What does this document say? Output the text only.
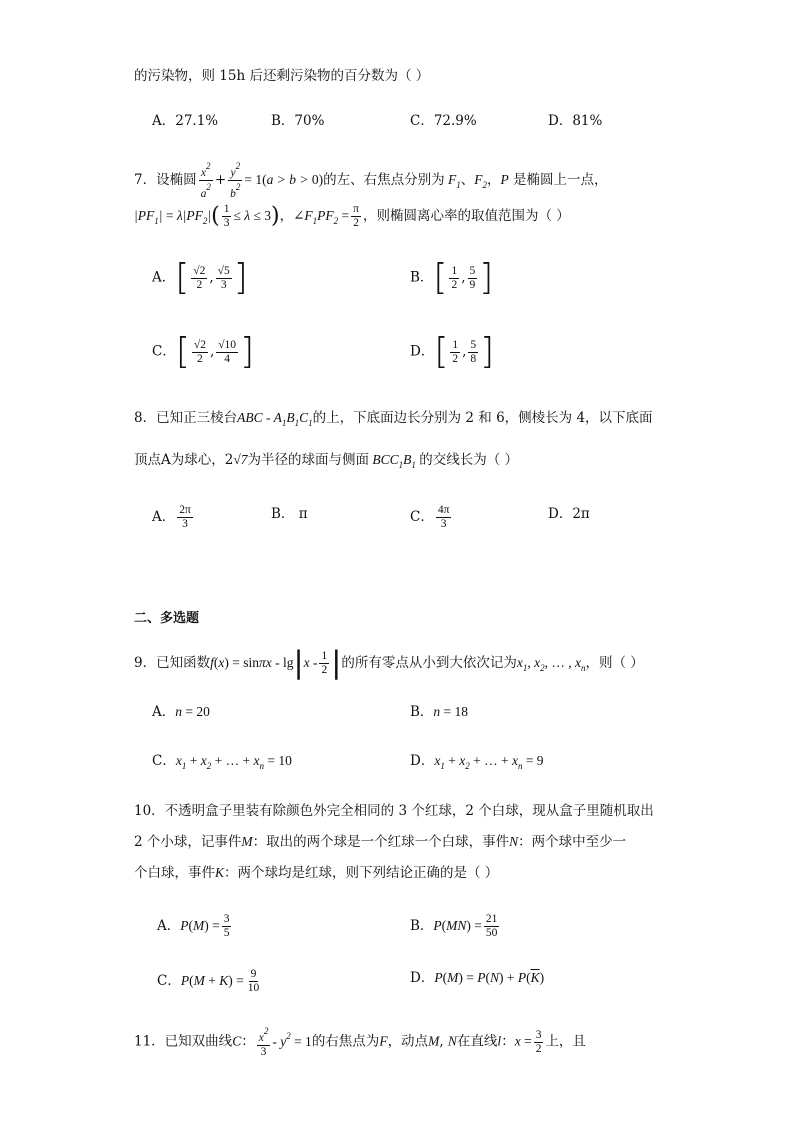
的污染物，则 15h 后还剩污染物的百分数为（ ）
A．27.1%	B．70%	C．72.9%	D．81%
7．设椭圆 $\frac{x^2}{a^2} + \frac{y^2}{b^2} = 1(a > b > 0)$的左、右焦点分别为 $F_1$、$F_2$，P 是椭圆上一点，
$|PF_1| = \lambda|PF_2|( \frac{1}{3} \le \lambda \le 3)$，$\angle F_1PF_2 = \frac{\pi}{2}$ ，则椭圆离心率的取值范围为（ ）
A．[ $\frac{√2}{2}$ , $\frac{√5}{3}$ ]	B．[ $\frac{1}{2}$ , $\frac{5}{9}$ ]
C．[ $\frac{√2}{2}$ , $\frac{√10}{4}$ ]	D．[ $\frac{1}{2}$ , $\frac{5}{8}$ ]
8．已知正三棱台ABC - $A_1B_1C_1$的上，下底面边长分别为 2 和 6，侧棱长为 4，以下底面
顶点A为球心，2√7为半径的球面与侧面 $BCC_1B_1$ 的交线长为（ ）
A． $\frac{2\pi}{3}$	B． π	C． $\frac{4\pi}{3}$	D．2π
二、多选题
9．已知函数$f(x) = \sin\pi x - \lg|x - \frac{1}{2}$ |的所有零点从小到大依次记为$x_1$, $x_2$, … , $x_n$，则（ ）
A．n = 20	B．n = 18
C．$x_1 + x_2$ + … + $x_n = 10$	D．$x_1 + x_2$ + … + $x_n = 9$
10．不透明盒子里装有除颜色外完全相同的 3 个红球，2 个白球，现从盒子里随机取出
2 个小球，记事件M：取出的两个球是一个红球一个白球，事件N：两个球中至少一
个白球，事件K：两个球均是红球，则下列结论正确的是（ ）
A．$P(M) = \frac{3}{5}$	B．$P(MN) = \frac{21}{50}$
C．$P(M + K) = \frac{9}{10}$	D．$P(M) = P(N) + P(\overline{K})$
11．已知双曲线C： $\frac{x^2}{3} - y^2 = 1$的右焦点为F，动点M, N在直线l：$x = \frac{3}{2}$ 上，且
